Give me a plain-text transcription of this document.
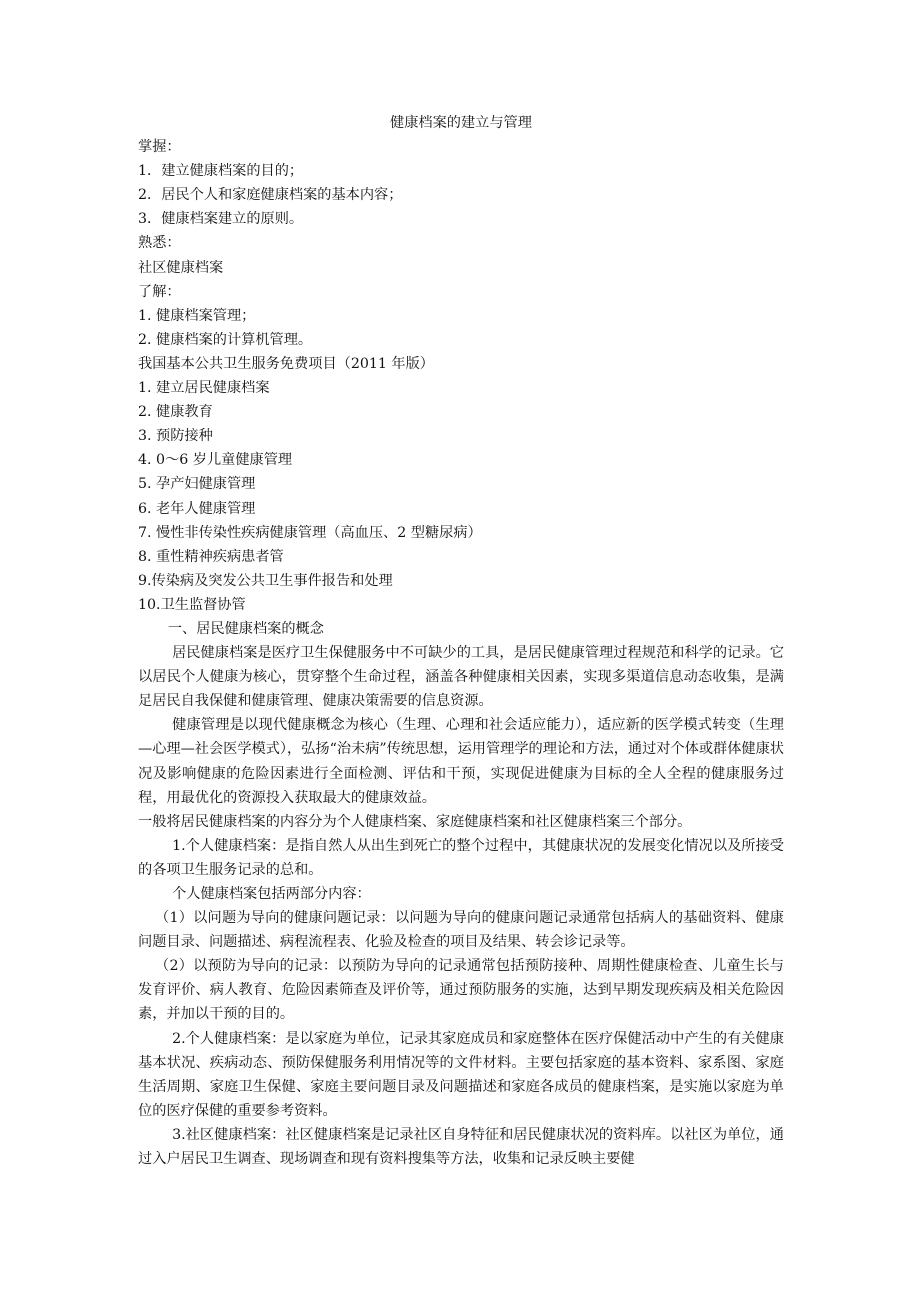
健康档案的建立与管理

掌握：

1．建立健康档案的目的；

2．居民个人和家庭健康档案的基本内容；

3．健康档案建立的原则。

熟悉：

社区健康档案

了解：

1. 健康档案管理；

2. 健康档案的计算机管理。

我国基本公共卫生服务免费项目（2011 年版）

1. 建立居民健康档案

2. 健康教育

3. 预防接种

4. 0～6 岁儿童健康管理

5. 孕产妇健康管理

6. 老年人健康管理

7. 慢性非传染性疾病健康管理（高血压、2 型糖尿病）

8. 重性精神疾病患者管

9.传染病及突发公共卫生事件报告和处理

10.卫生监督协管

一、居民健康档案的概念

居民健康档案是医疗卫生保健服务中不可缺少的工具，是居民健康管理过程规范和科学的记录。它以居民个人健康为核心，贯穿整个生命过程，涵盖各种健康相关因素，实现多渠道信息动态收集，是满足居民自我保健和健康管理、健康决策需要的信息资源。

健康管理是以现代健康概念为核心（生理、心理和社会适应能力），适应新的医学模式转变（生理—心理—社会医学模式），弘扬“治未病”传统思想，运用管理学的理论和方法，通过对个体或群体健康状况及影响健康的危险因素进行全面检测、评估和干预，实现促进健康为目标的全人全程的健康服务过程，用最优化的资源投入获取最大的健康效益。

一般将居民健康档案的内容分为个人健康档案、家庭健康档案和社区健康档案三个部分。

1.个人健康档案：是指自然人从出生到死亡的整个过程中，其健康状况的发展变化情况以及所接受的各项卫生服务记录的总和。

个人健康档案包括两部分内容：

（1）以问题为导向的健康问题记录：以问题为导向的健康问题记录通常包括病人的基础资料、健康问题目录、问题描述、病程流程表、化验及检查的项目及结果、转会诊记录等。

（2）以预防为导向的记录：以预防为导向的记录通常包括预防接种、周期性健康检查、儿童生长与发育评价、病人教育、危险因素筛查及评价等，通过预防服务的实施，达到早期发现疾病及相关危险因素，并加以干预的目的。

2.个人健康档案：是以家庭为单位，记录其家庭成员和家庭整体在医疗保健活动中产生的有关健康基本状况、疾病动态、预防保健服务利用情况等的文件材料。主要包括家庭的基本资料、家系图、家庭生活周期、家庭卫生保健、家庭主要问题目录及问题描述和家庭各成员的健康档案，是实施以家庭为单位的医疗保健的重要参考资料。

3.社区健康档案：社区健康档案是记录社区自身特征和居民健康状况的资料库。以社区为单位，通过入户居民卫生调查、现场调查和现有资料搜集等方法，收集和记录反映主要健
